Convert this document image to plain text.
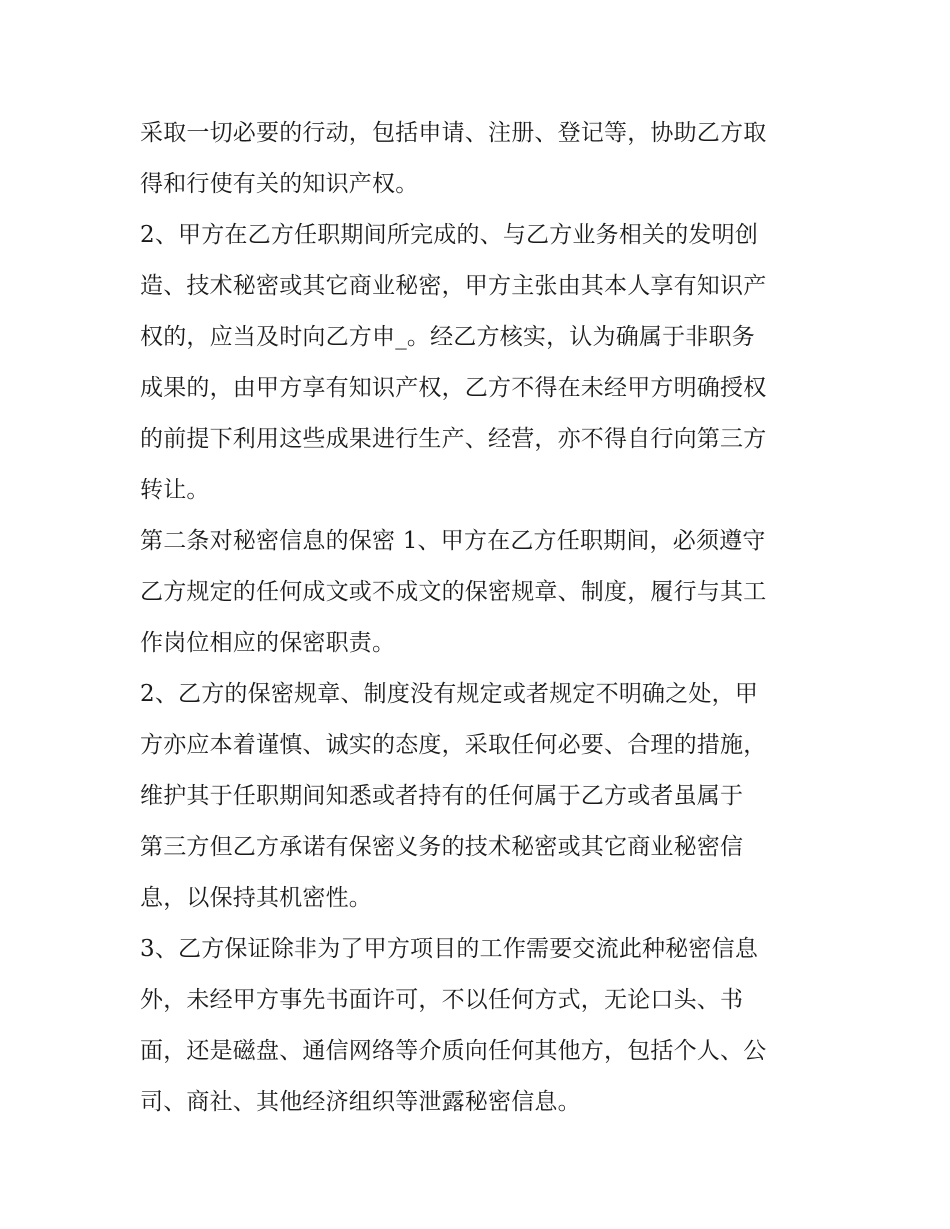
采取一切必要的行动，包括申请、注册、登记等，协助乙方取
得和行使有关的知识产权。
2、甲方在乙方任职期间所完成的、与乙方业务相关的发明创
造、技术秘密或其它商业秘密，甲方主张由其本人享有知识产
权的，应当及时向乙方申_。经乙方核实，认为确属于非职务
成果的，由甲方享有知识产权，乙方不得在未经甲方明确授权
的前提下利用这些成果进行生产、经营，亦不得自行向第三方
转让。
第二条对秘密信息的保密 1、甲方在乙方任职期间，必须遵守
乙方规定的任何成文或不成文的保密规章、制度，履行与其工
作岗位相应的保密职责。
2、乙方的保密规章、制度没有规定或者规定不明确之处，甲
方亦应本着谨慎、诚实的态度，采取任何必要、合理的措施，
维护其于任职期间知悉或者持有的任何属于乙方或者虽属于
第三方但乙方承诺有保密义务的技术秘密或其它商业秘密信
息，以保持其机密性。
3、乙方保证除非为了甲方项目的工作需要交流此种秘密信息
外，未经甲方事先书面许可，不以任何方式，无论口头、书
面，还是磁盘、通信网络等介质向任何其他方，包括个人、公
司、商社、其他经济组织等泄露秘密信息。
